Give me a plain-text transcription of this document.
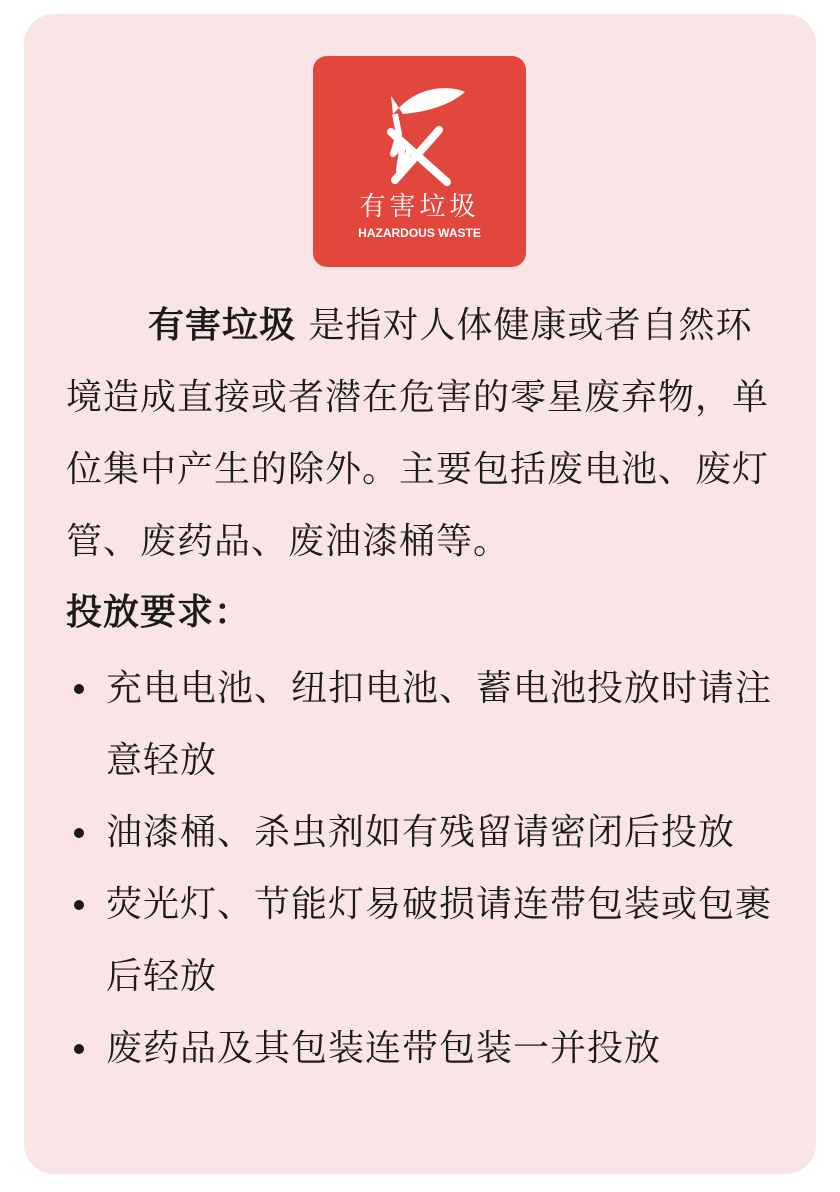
有害垃圾
HAZARDOUS WASTE

有害垃圾 是指对人体健康或者自然环境造成直接或者潜在危害的零星废弃物，单位集中产生的除外。主要包括废电池、废灯管、废药品、废油漆桶等。

投放要求：

充电电池、纽扣电池、蓄电池投放时请注意轻放
油漆桶、杀虫剂如有残留请密闭后投放
荧光灯、节能灯易破损请连带包装或包裹后轻放
废药品及其包装连带包装一并投放
